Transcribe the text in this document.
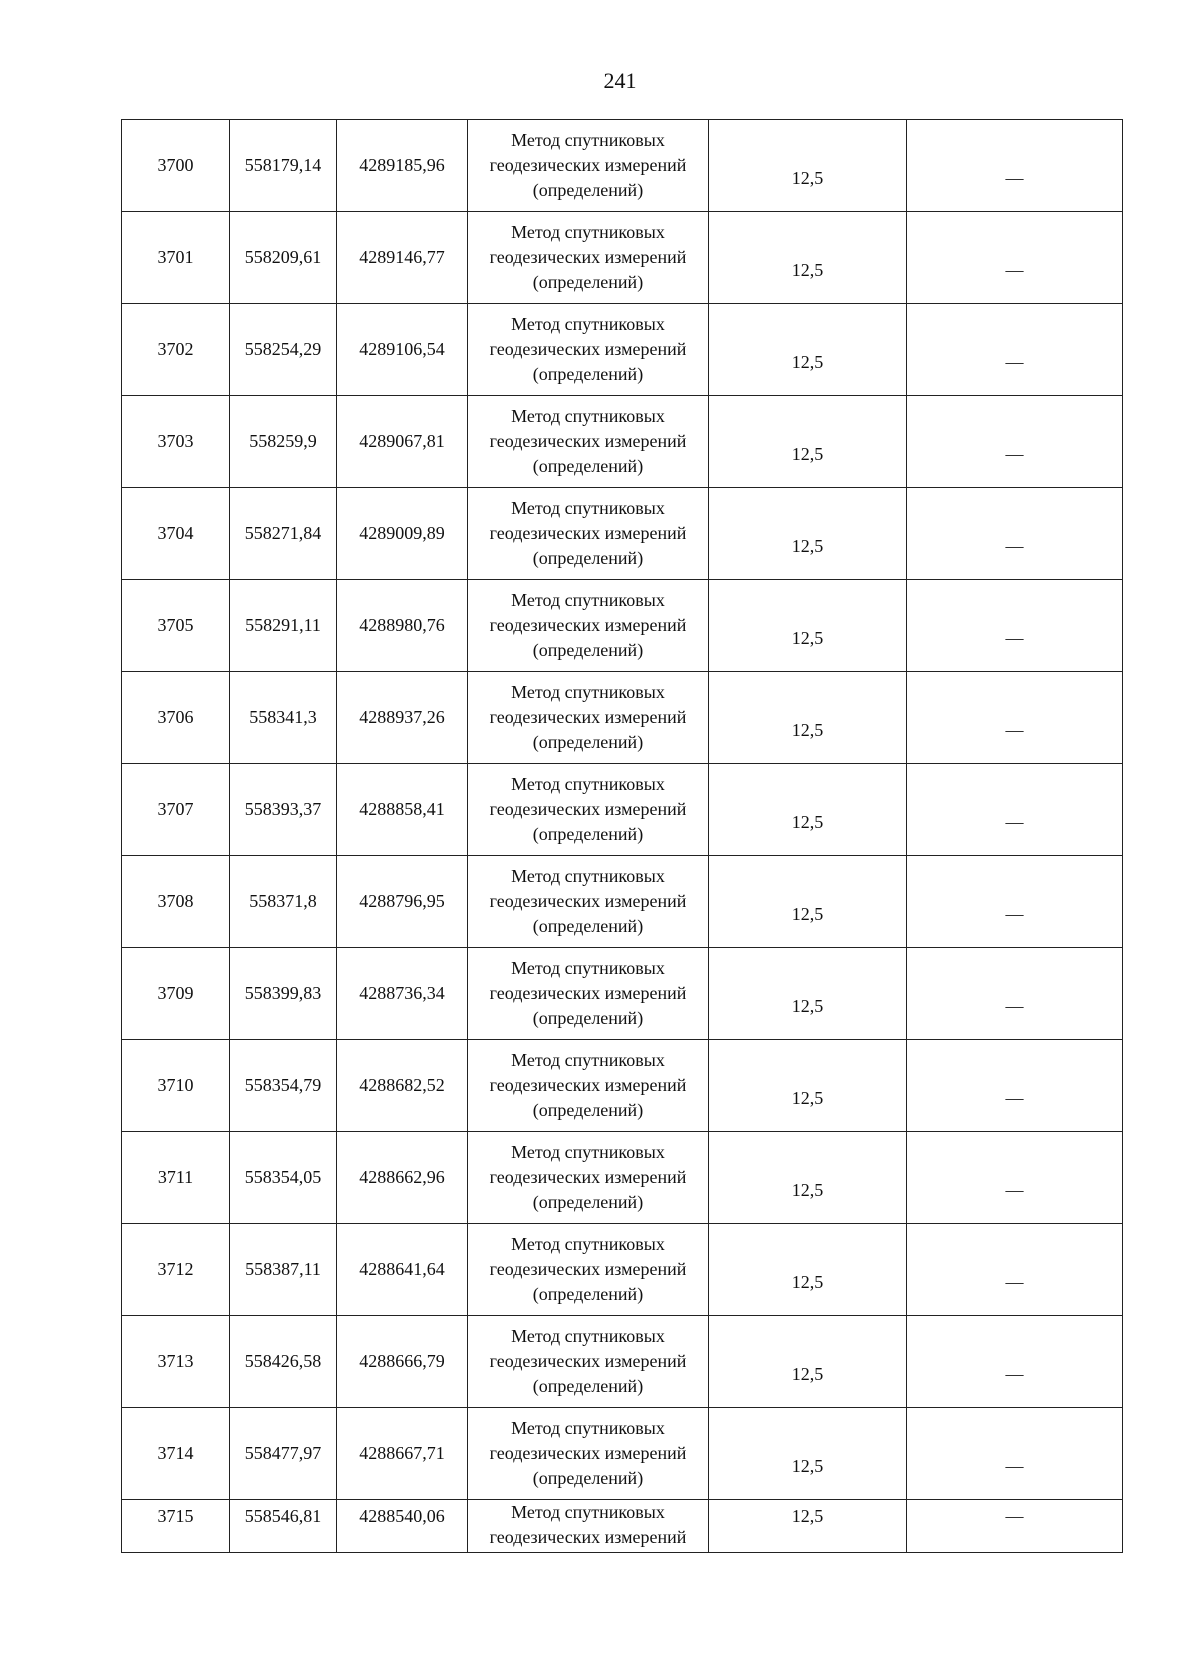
241
3700	558179,14	4289185,96	Метод спутниковых
геодезических измерений
(определений)	12,5	—
3701	558209,61	4289146,77	Метод спутниковых
геодезических измерений
(определений)	12,5	—
3702	558254,29	4289106,54	Метод спутниковых
геодезических измерений
(определений)	12,5	—
3703	558259,9	4289067,81	Метод спутниковых
геодезических измерений
(определений)	12,5	—
3704	558271,84	4289009,89	Метод спутниковых
геодезических измерений
(определений)	12,5	—
3705	558291,11	4288980,76	Метод спутниковых
геодезических измерений
(определений)	12,5	—
3706	558341,3	4288937,26	Метод спутниковых
геодезических измерений
(определений)	12,5	—
3707	558393,37	4288858,41	Метод спутниковых
геодезических измерений
(определений)	12,5	—
3708	558371,8	4288796,95	Метод спутниковых
геодезических измерений
(определений)	12,5	—
3709	558399,83	4288736,34	Метод спутниковых
геодезических измерений
(определений)	12,5	—
3710	558354,79	4288682,52	Метод спутниковых
геодезических измерений
(определений)	12,5	—
3711	558354,05	4288662,96	Метод спутниковых
геодезических измерений
(определений)	12,5	—
3712	558387,11	4288641,64	Метод спутниковых
геодезических измерений
(определений)	12,5	—
3713	558426,58	4288666,79	Метод спутниковых
геодезических измерений
(определений)	12,5	—
3714	558477,97	4288667,71	Метод спутниковых
геодезических измерений
(определений)	12,5	—
3715	558546,81	4288540,06	Метод спутниковых
геодезических измерений	12,5	—
